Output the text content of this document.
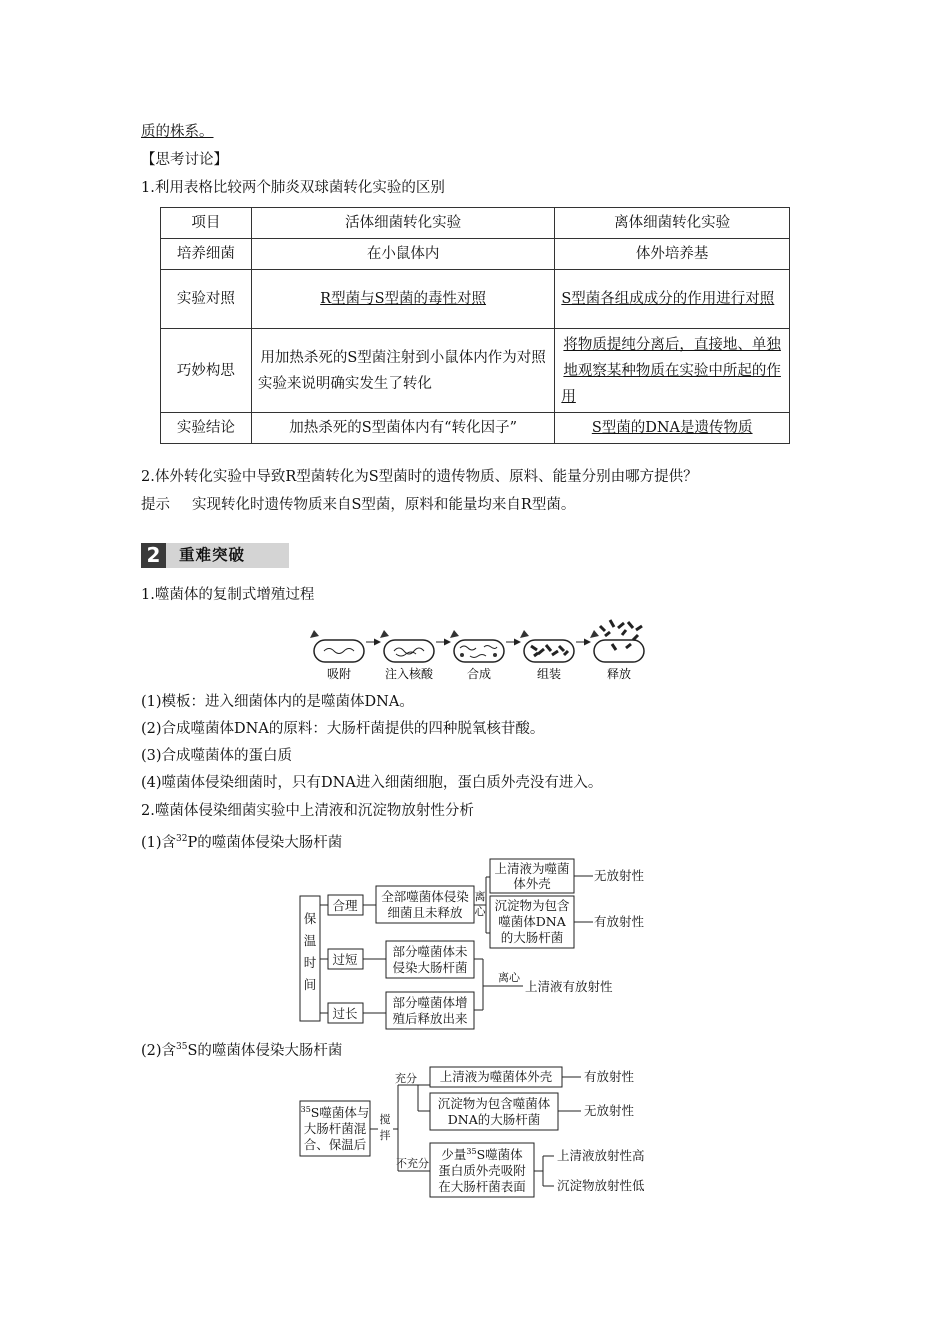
质的株系。
【思考讨论】
1.利用表格比较两个肺炎双球菌转化实验的区别
项目	活体细菌转化实验	离体细菌转化实验
培养细菌	在小鼠体内	体外培养基
实验对照	R型菌与S型菌的毒性对照	S型菌各组成成分的作用进行对照
巧妙构思	用加热杀死的S型菌注射到小鼠体内作为对照实验来说明确实发生了转化	将物质提纯分离后，直接地、单独地观察某种物质在实验中所起的作用
实验结论	加热杀死的S型菌体内有“转化因子”	S型菌的DNA是遗传物质
2.体外转化实验中导致R型菌转化为S型菌时的遗传物质、原料、能量分别由哪方提供？
提示 实现转化时遗传物质来自S型菌，原料和能量均来自R型菌。
2	重难突破
1.噬菌体的复制式增殖过程
吸附	注入核酸	合成	组装	释放
(1)模板：进入细菌体内的是噬菌体DNA。
(2)合成噬菌体DNA的原料：大肠杆菌提供的四种脱氧核苷酸。
(3)合成噬菌体的蛋白质
(4)噬菌体侵染细菌时，只有DNA进入细菌细胞，蛋白质外壳没有进入。
2.噬菌体侵染细菌实验中上清液和沉淀物放射性分析
(1)含$^{32}$P的噬菌体侵染大肠杆菌
保
温
时
间
合理
过短
过长
全部噬菌体侵染
细菌且未释放
离
心
上清液为噬菌
体外壳
沉淀物为包含
噬菌体DNA
的大肠杆菌
无放射性
有放射性
部分噬菌体未
侵染大肠杆菌
部分噬菌体增
殖后释放出来
离心
上清液有放射性
(2)含$^{35}$S的噬菌体侵染大肠杆菌
$^{35}$S噬菌体与
大肠杆菌混
合、保温后
搅
拌
充分
不充分
上清液为噬菌体外壳
沉淀物为包含噬菌体
DNA的大肠杆菌
有放射性
无放射性
少量$^{35}$S噬菌体
蛋白质外壳吸附
在大肠杆菌表面
上清液放射性高
沉淀物放射性低
